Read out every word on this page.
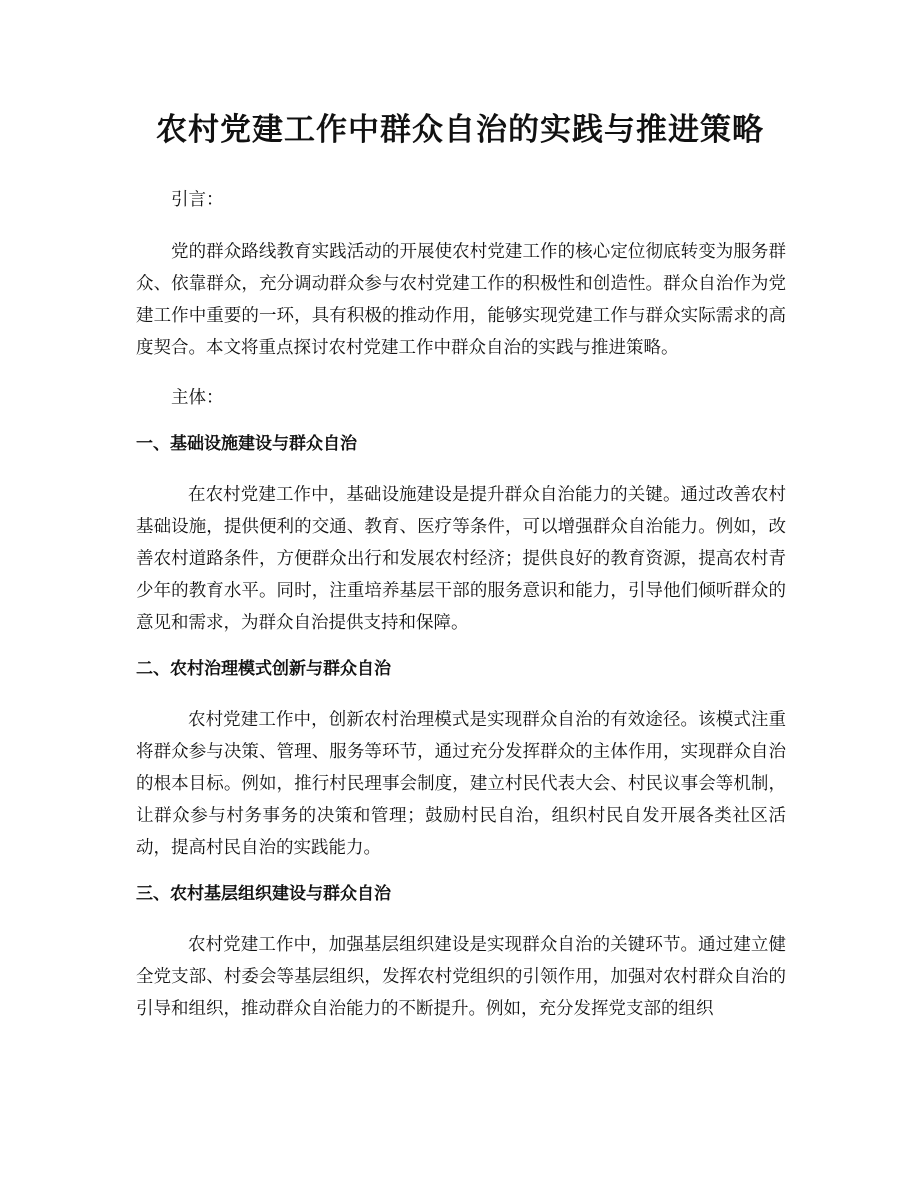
农村党建工作中群众自治的实践与推进策略

引言：

党的群众路线教育实践活动的开展使农村党建工作的核心定位彻底转变为服务群众、依靠群众，充分调动群众参与农村党建工作的积极性和创造性。群众自治作为党建工作中重要的一环，具有积极的推动作用，能够实现党建工作与群众实际需求的高度契合。本文将重点探讨农村党建工作中群众自治的实践与推进策略。

主体：

一、基础设施建设与群众自治

在农村党建工作中，基础设施建设是提升群众自治能力的关键。通过改善农村基础设施，提供便利的交通、教育、医疗等条件，可以增强群众自治能力。例如，改善农村道路条件，方便群众出行和发展农村经济；提供良好的教育资源，提高农村青少年的教育水平。同时，注重培养基层干部的服务意识和能力，引导他们倾听群众的意见和需求，为群众自治提供支持和保障。

二、农村治理模式创新与群众自治

农村党建工作中，创新农村治理模式是实现群众自治的有效途径。该模式注重将群众参与决策、管理、服务等环节，通过充分发挥群众的主体作用，实现群众自治的根本目标。例如，推行村民理事会制度，建立村民代表大会、村民议事会等机制，让群众参与村务事务的决策和管理；鼓励村民自治，组织村民自发开展各类社区活动，提高村民自治的实践能力。

三、农村基层组织建设与群众自治

农村党建工作中，加强基层组织建设是实现群众自治的关键环节。通过建立健全党支部、村委会等基层组织，发挥农村党组织的引领作用，加强对农村群众自治的引导和组织，推动群众自治能力的不断提升。例如，充分发挥党支部的组织
